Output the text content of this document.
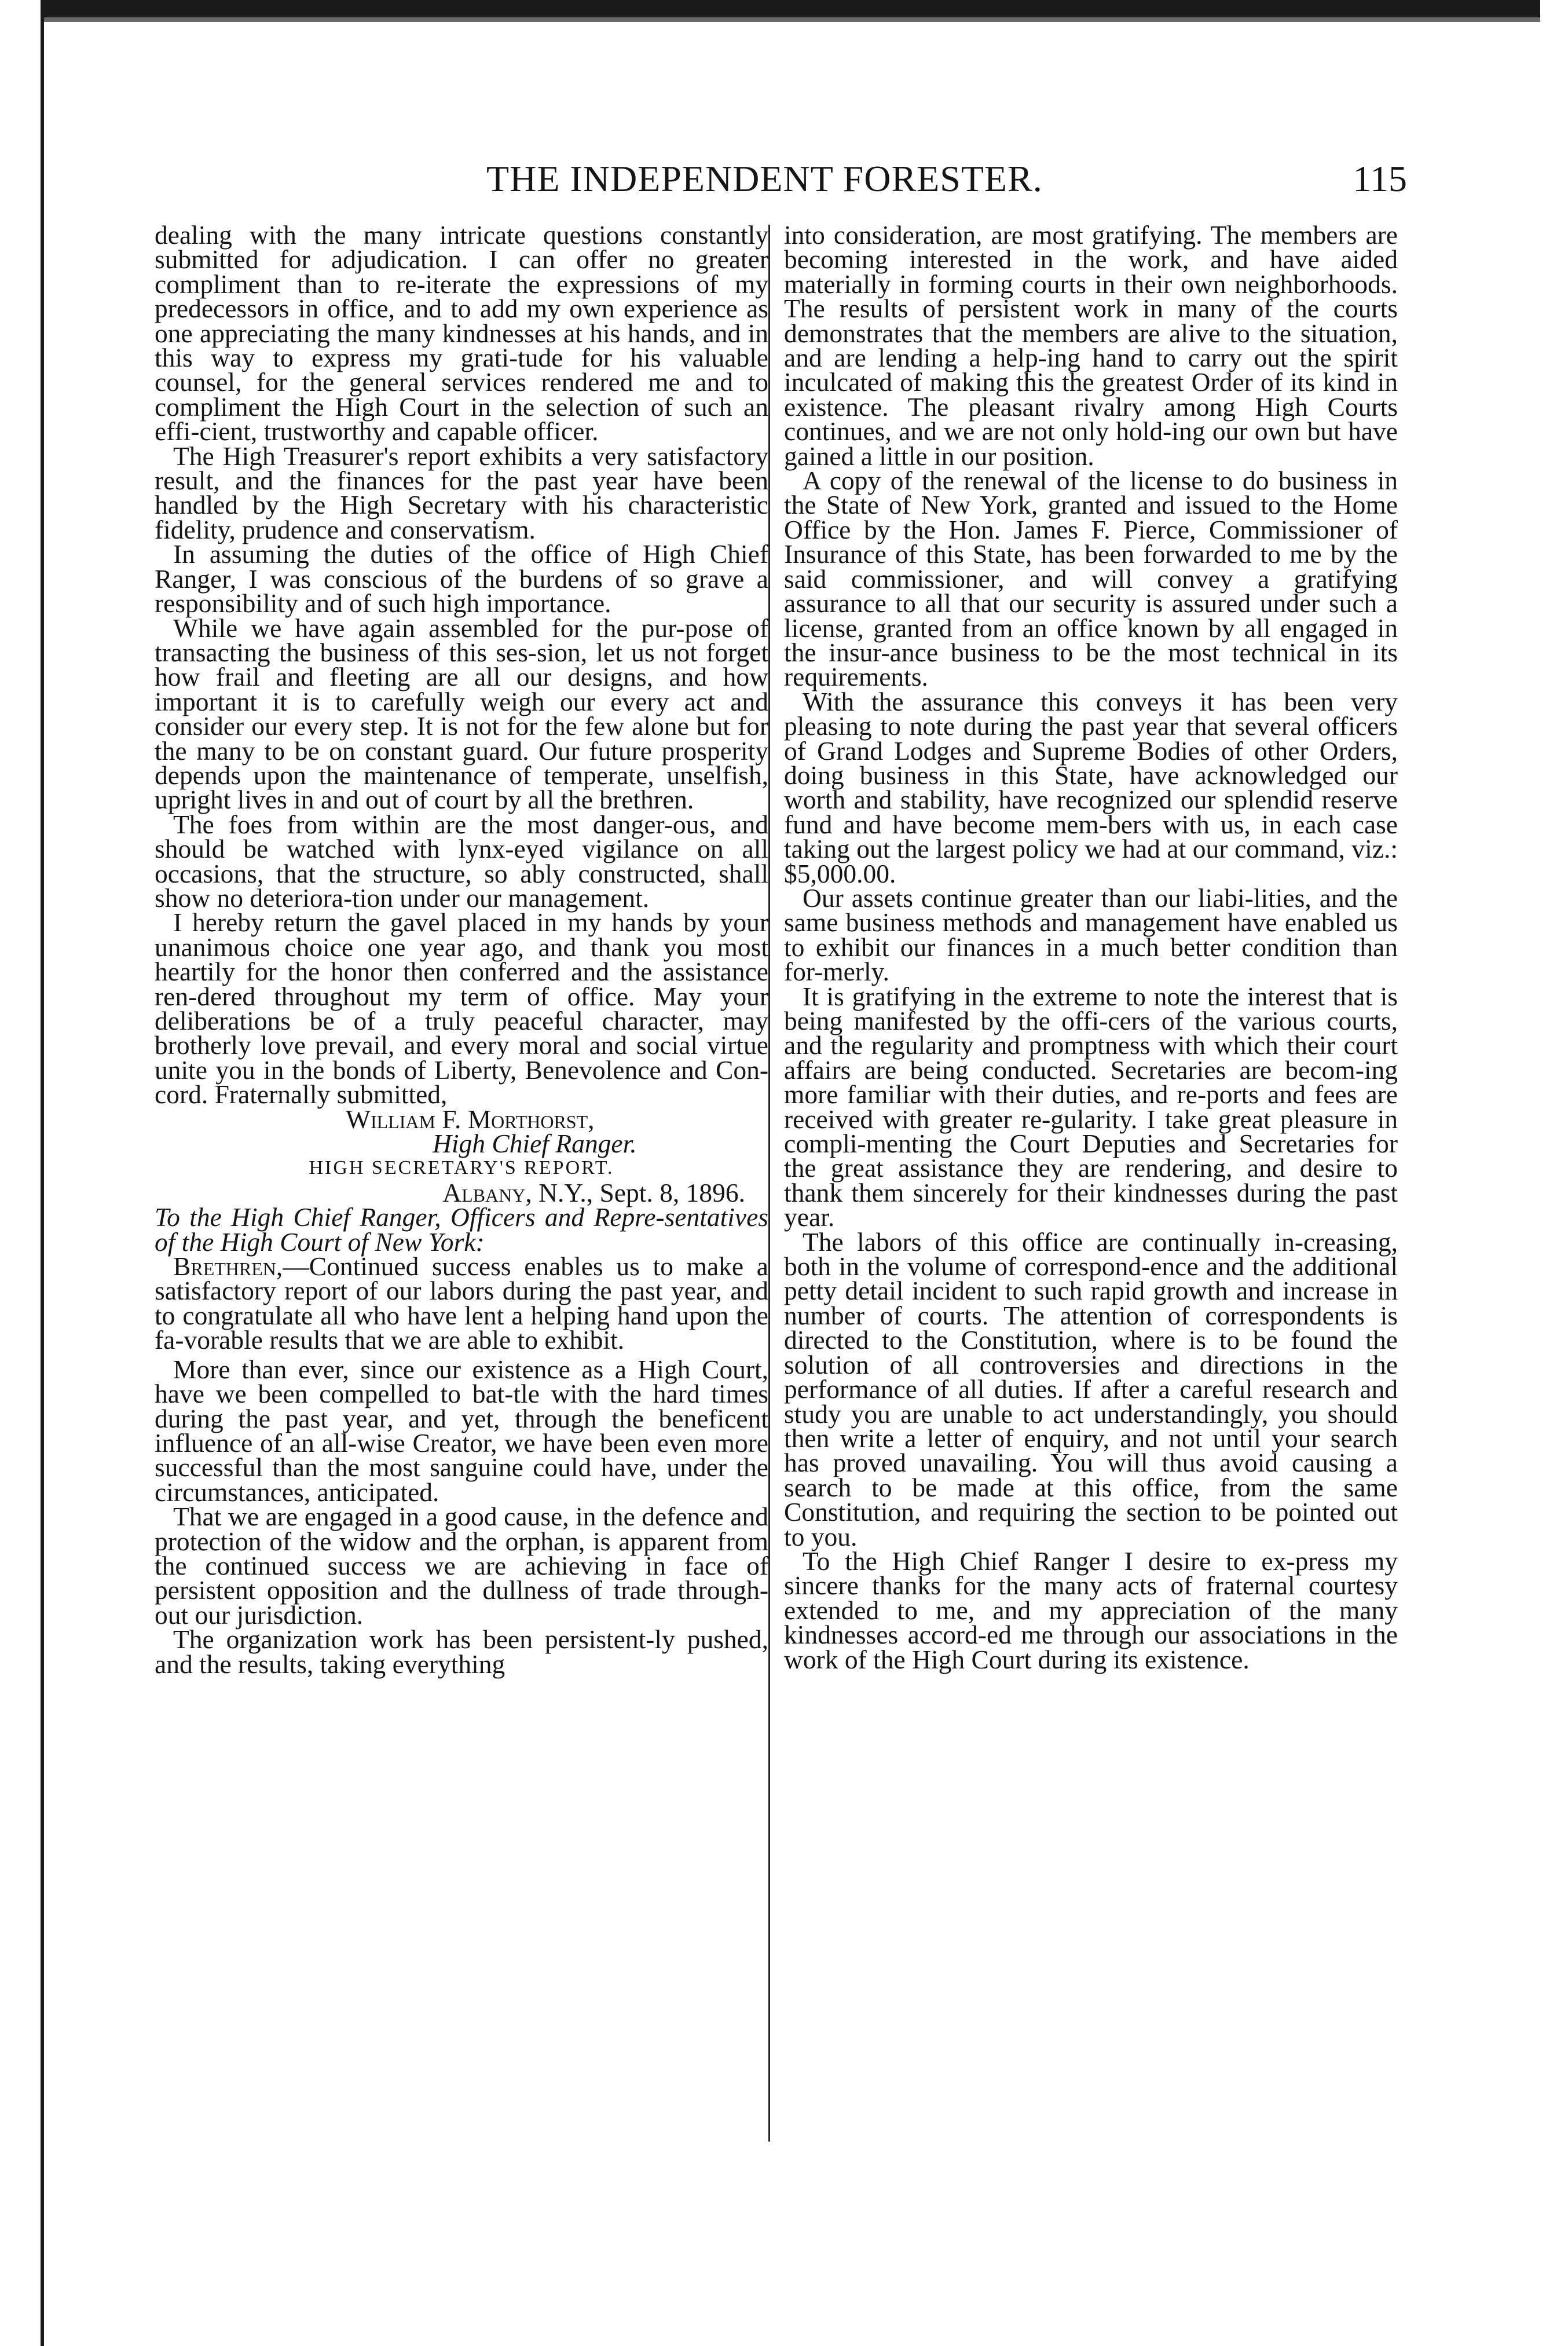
THE INDEPENDENT FORESTER.	115

dealing with the many intricate questions constantly submitted for adjudication. I can offer no greater compliment than to re-iterate the expressions of my predecessors in office, and to add my own experience as one appreciating the many kindnesses at his hands, and in this way to express my grati-tude for his valuable counsel, for the general services rendered me and to compliment the High Court in the selection of such an effi-cient, trustworthy and capable officer.

The High Treasurer's report exhibits a very satisfactory result, and the finances for the past year have been handled by the High Secretary with his characteristic fidelity, prudence and conservatism.

In assuming the duties of the office of High Chief Ranger, I was conscious of the burdens of so grave a responsibility and of such high importance.

While we have again assembled for the pur-pose of transacting the business of this ses-sion, let us not forget how frail and fleeting are all our designs, and how important it is to carefully weigh our every act and consider our every step. It is not for the few alone but for the many to be on constant guard. Our future prosperity depends upon the maintenance of temperate, unselfish, upright lives in and out of court by all the brethren.

The foes from within are the most danger-ous, and should be watched with lynx-eyed vigilance on all occasions, that the structure, so ably constructed, shall show no deteriora-tion under our management.

I hereby return the gavel placed in my hands by your unanimous choice one year ago, and thank you most heartily for the honor then conferred and the assistance ren-dered throughout my term of office. May your deliberations be of a truly peaceful character, may brotherly love prevail, and every moral and social virtue unite you in the bonds of Liberty, Benevolence and Con-cord. Fraternally submitted,

William F. Morthorst,

High Chief Ranger.

HIGH SECRETARY'S REPORT.

Albany, N.Y., Sept. 8, 1896.

To the High Chief Ranger, Officers and Repre-sentatives of the High Court of New York:

Brethren,—Continued success enables us to make a satisfactory report of our labors during the past year, and to congratulate all who have lent a helping hand upon the fa-vorable results that we are able to exhibit.

More than ever, since our existence as a High Court, have we been compelled to bat-tle with the hard times during the past year, and yet, through the beneficent influence of an all-wise Creator, we have been even more successful than the most sanguine could have, under the circumstances, anticipated.

That we are engaged in a good cause, in the defence and protection of the widow and the orphan, is apparent from the continued success we are achieving in face of persistent opposition and the dullness of trade through-out our jurisdiction.

The organization work has been persistent-ly pushed, and the results, taking everything

into consideration, are most gratifying. The members are becoming interested in the work, and have aided materially in forming courts in their own neighborhoods. The results of persistent work in many of the courts demonstrates that the members are alive to the situation, and are lending a help-ing hand to carry out the spirit inculcated of making this the greatest Order of its kind in existence. The pleasant rivalry among High Courts continues, and we are not only hold-ing our own but have gained a little in our position.

A copy of the renewal of the license to do business in the State of New York, granted and issued to the Home Office by the Hon. James F. Pierce, Commissioner of Insurance of this State, has been forwarded to me by the said commissioner, and will convey a gratifying assurance to all that our security is assured under such a license, granted from an office known by all engaged in the insur-ance business to be the most technical in its requirements.

With the assurance this conveys it has been very pleasing to note during the past year that several officers of Grand Lodges and Supreme Bodies of other Orders, doing business in this State, have acknowledged our worth and stability, have recognized our splendid reserve fund and have become mem-bers with us, in each case taking out the largest policy we had at our command, viz.: $5,000.00.

Our assets continue greater than our liabi-lities, and the same business methods and management have enabled us to exhibit our finances in a much better condition than for-merly.

It is gratifying in the extreme to note the interest that is being manifested by the offi-cers of the various courts, and the regularity and promptness with which their court affairs are being conducted. Secretaries are becom-ing more familiar with their duties, and re-ports and fees are received with greater re-gularity. I take great pleasure in compli-menting the Court Deputies and Secretaries for the great assistance they are rendering, and desire to thank them sincerely for their kindnesses during the past year.

The labors of this office are continually in-creasing, both in the volume of correspond-ence and the additional petty detail incident to such rapid growth and increase in number of courts. The attention of correspondents is directed to the Constitution, where is to be found the solution of all controversies and directions in the performance of all duties. If after a careful research and study you are unable to act understandingly, you should then write a letter of enquiry, and not until your search has proved unavailing. You will thus avoid causing a search to be made at this office, from the same Constitution, and requiring the section to be pointed out to you.

To the High Chief Ranger I desire to ex-press my sincere thanks for the many acts of fraternal courtesy extended to me, and my appreciation of the many kindnesses accord-ed me through our associations in the work of the High Court during its existence.
